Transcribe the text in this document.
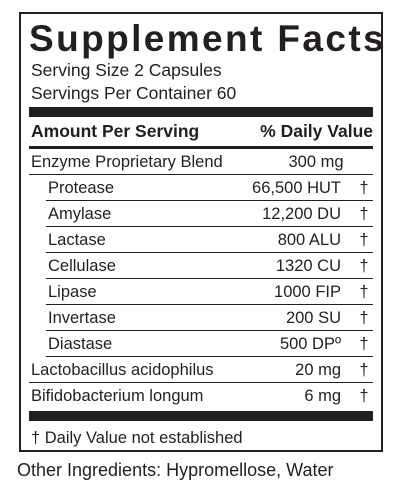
Supplement Facts
Serving Size 2 Capsules
Servings Per Container 60
Amount Per Serving	% Daily Value
Enzyme Proprietary Blend	300 mg
Protease	66,500 HUT †
Amylase	12,200 DU †
Lactase	800 ALU †
Cellulase	1320 CU †
Lipase	1000 FIP †
Invertase	200 SU †
Diastase	500 DPº †
Lactobacillus acidophilus	20 mg †
Bifidobacterium longum	6 mg †
† Daily Value not established
Other Ingredients: Hypromellose, Water
